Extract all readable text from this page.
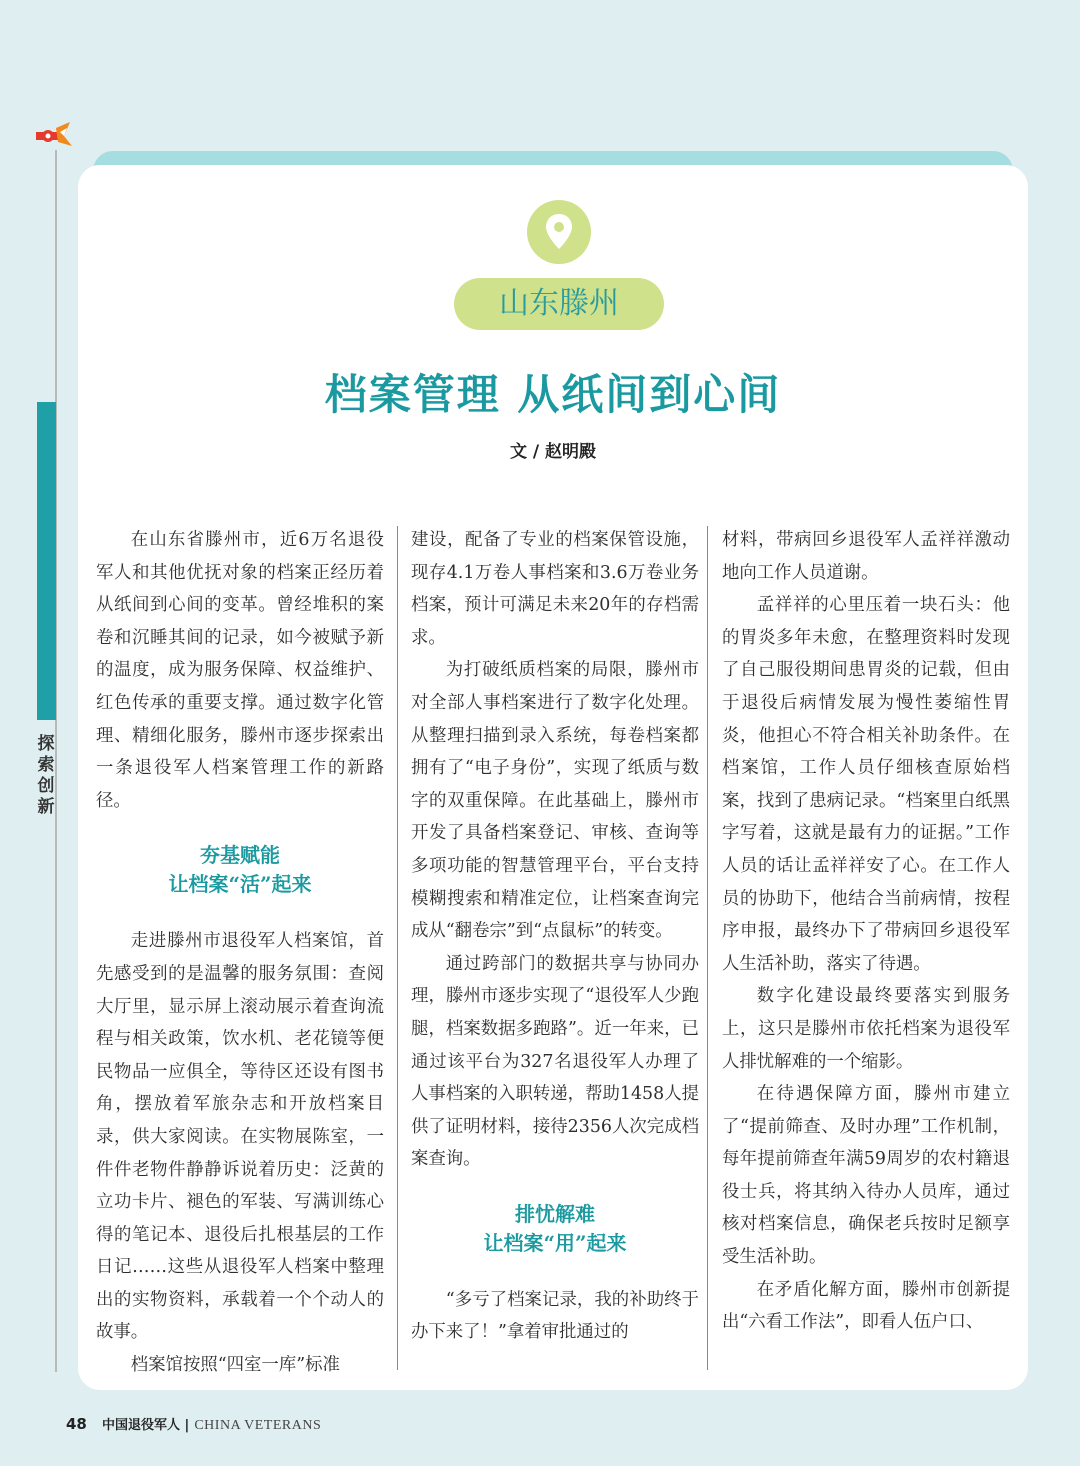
探索创新
山东滕州
档案管理 从纸间到心间
文 / 赵明殿

在山东省滕州市，近6万名退役军人和其他优抚对象的档案正经历着从纸间到心间的变革。曾经堆积的案卷和沉睡其间的记录，如今被赋予新的温度，成为服务保障、权益维护、红色传承的重要支撑。通过数字化管理、精细化服务，滕州市逐步探索出一条退役军人档案管理工作的新路径。

夯基赋能
让档案“活”起来

走进滕州市退役军人档案馆，首先感受到的是温馨的服务氛围：查阅大厅里，显示屏上滚动展示着查询流程与相关政策，饮水机、老花镜等便民物品一应俱全，等待区还设有图书角，摆放着军旅杂志和开放档案目录，供大家阅读。在实物展陈室，一件件老物件静静诉说着历史：泛黄的立功卡片、褪色的军装、写满训练心得的笔记本、退役后扎根基层的工作日记……这些从退役军人档案中整理出的实物资料，承载着一个个动人的故事。

档案馆按照“四室一库”标准

建设，配备了专业的档案保管设施，现存4.1万卷人事档案和3.6万卷业务档案，预计可满足未来20年的存档需求。

为打破纸质档案的局限，滕州市对全部人事档案进行了数字化处理。从整理扫描到录入系统，每卷档案都拥有了“电子身份”，实现了纸质与数字的双重保障。在此基础上，滕州市开发了具备档案登记、审核、查询等多项功能的智慧管理平台，平台支持模糊搜索和精准定位，让档案查询完成从“翻卷宗”到“点鼠标”的转变。

通过跨部门的数据共享与协同办理，滕州市逐步实现了“退役军人少跑腿，档案数据多跑路”。近一年来，已通过该平台为327名退役军人办理了人事档案的入职转递，帮助1458人提供了证明材料，接待2356人次完成档案查询。

排忧解难
让档案“用”起来

“多亏了档案记录，我的补助终于办下来了！”拿着审批通过的

材料，带病回乡退役军人孟祥祥激动地向工作人员道谢。

孟祥祥的心里压着一块石头：他的胃炎多年未愈，在整理资料时发现了自己服役期间患胃炎的记载，但由于退役后病情发展为慢性萎缩性胃炎，他担心不符合相关补助条件。在档案馆，工作人员仔细核查原始档案，找到了患病记录。“档案里白纸黑字写着，这就是最有力的证据。”工作人员的话让孟祥祥安了心。在工作人员的协助下，他结合当前病情，按程序申报，最终办下了带病回乡退役军人生活补助，落实了待遇。

数字化建设最终要落实到服务上，这只是滕州市依托档案为退役军人排忧解难的一个缩影。

在待遇保障方面，滕州市建立了“提前筛查、及时办理”工作机制，每年提前筛查年满59周岁的农村籍退役士兵，将其纳入待办人员库，通过核对档案信息，确保老兵按时足额享受生活补助。

在矛盾化解方面，滕州市创新提出“六看工作法”，即看人伍户口、

48 中国退役军人 | CHINA VETERANS
